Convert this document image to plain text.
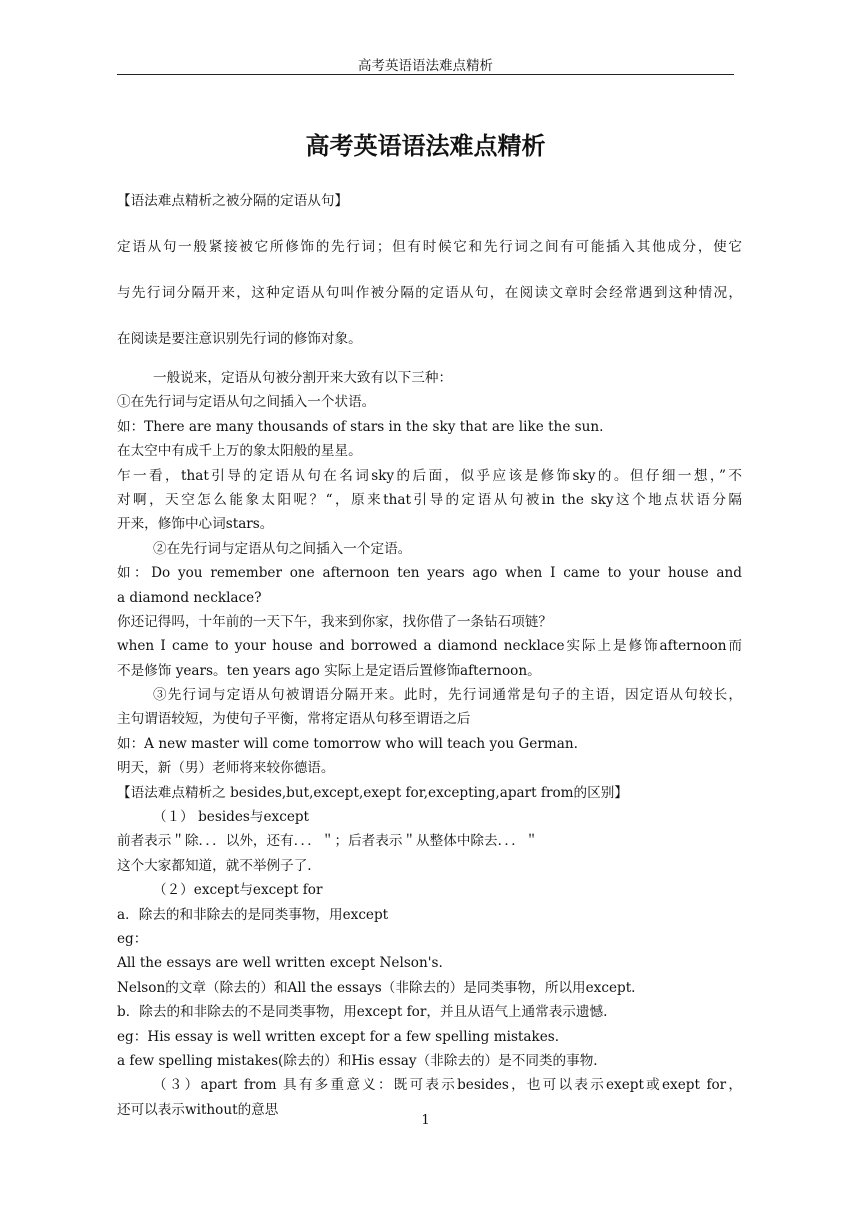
高考英语语法难点精析
高考英语语法难点精析
【语法难点精析之被分隔的定语从句】
定语从句一般紧接被它所修饰的先行词；但有时候它和先行词之间有可能插入其他成分，使它
与先行词分隔开来，这种定语从句叫作被分隔的定语从句，在阅读文章时会经常遇到这种情况，
在阅读是要注意识别先行词的修饰对象。
一般说来，定语从句被分割开来大致有以下三种：
①在先行词与定语从句之间插入一个状语。
如：There are many thousands of stars in the sky that are like the sun.
在太空中有成千上万的象太阳般的星星。
乍一看，that引导的定语从句在名词sky的后面，似乎应该是修饰sky的。但仔细一想，”不
对啊，天空怎么能象太阳呢？“，原来that引导的定语从句被in the sky这个地点状语分隔
开来，修饰中心词stars。
②在先行词与定语从句之间插入一个定语。
如：Do you remember one afternoon ten years ago when I came to your house and
a diamond necklace?
你还记得吗，十年前的一天下午，我来到你家，找你借了一条钻石项链？
when I came to your house and borrowed a diamond necklace实际上是修饰afternoon而
不是修饰 years。ten years ago 实际上是定语后置修饰afternoon。
③先行词与定语从句被谓语分隔开来。此时，先行词通常是句子的主语，因定语从句较长，
主句谓语较短，为使句子平衡，常将定语从句移至谓语之后
如：A new master will come tomorrow who will teach you German.
明天，新（男）老师将来较你德语。
【语法难点精析之 besides,but,except,exept for,excepting,apart from的区别】
（１） besides与except
前者表示＂除．．．以外，还有．．．＂；后者表示＂从整体中除去．．．＂
这个大家都知道，就不举例子了.
（２）except与except for
a．除去的和非除去的是同类事物，用except
eg：
All the essays are well written except Nelson's.
Nelson的文章（除去的）和All the essays（非除去的）是同类事物，所以用except.
b．除去的和非除去的不是同类事物，用except for，并且从语气上通常表示遗憾.
eg：His essay is well written except for a few spelling mistakes.
a few spelling mistakes(除去的）和His essay（非除去的）是不同类的事物.
（３）apart from 具有多重意义：既可表示besides，也可以表示exept或exept for，
还可以表示without的意思
1
